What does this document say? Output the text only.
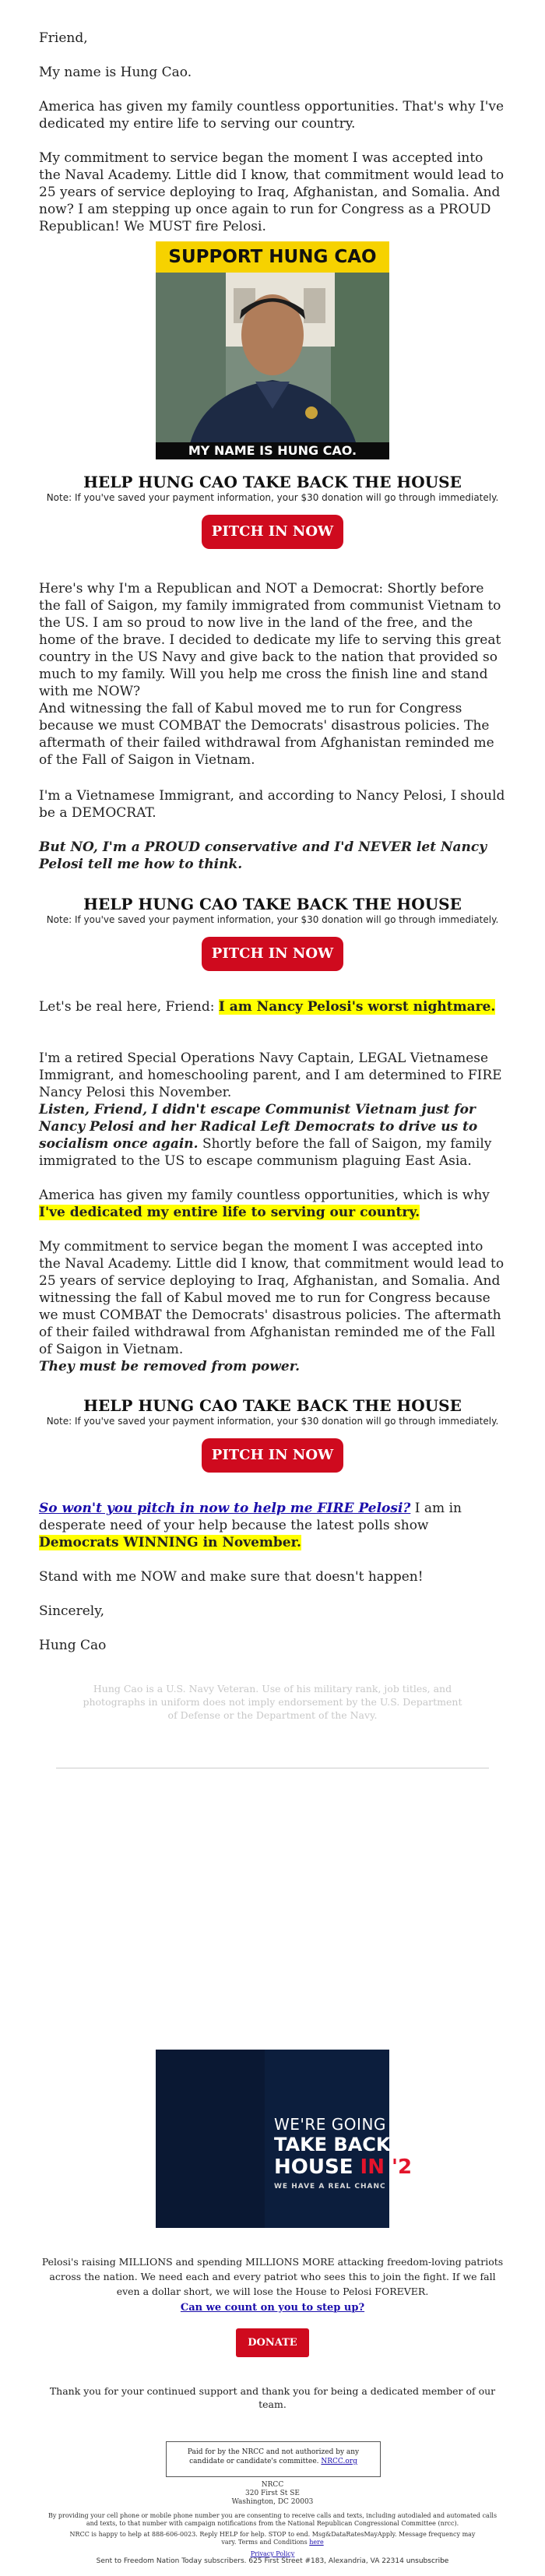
Friend,

My name is Hung Cao.

America has given my family countless opportunities. That's why I've dedicated my entire life to serving our country.

My commitment to service began the moment I was accepted into the Naval Academy. Little did I know, that commitment would lead to 25 years of service deploying to Iraq, Afghanistan, and Somalia. And now? I am stepping up once again to run for Congress as a PROUD Republican! We MUST fire Pelosi.

SUPPORT HUNG CAO
MY NAME IS HUNG CAO.
HELP HUNG CAO TAKE BACK THE HOUSE
Note: If you've saved your payment information, your $30 donation will go through immediately.
PITCH IN NOW

Here's why I'm a Republican and NOT a Democrat: Shortly before the fall of Saigon, my family immigrated from communist Vietnam to the US. I am so proud to now live in the land of the free, and the home of the brave. I decided to dedicate my life to serving this great country in the US Navy and give back to the nation that provided so much to my family. Will you help me cross the finish line and stand with me NOW?

And witnessing the fall of Kabul moved me to run for Congress because we must COMBAT the Democrats' disastrous policies. The aftermath of their failed withdrawal from Afghanistan reminded me of the Fall of Saigon in Vietnam.

I'm a Vietnamese Immigrant, and according to Nancy Pelosi, I should be a DEMOCRAT.

But NO, I'm a PROUD conservative and I'd NEVER let Nancy Pelosi tell me how to think.

HELP HUNG CAO TAKE BACK THE HOUSE
Note: If you've saved your payment information, your $30 donation will go through immediately.
PITCH IN NOW

Let's be real here, Friend: I am Nancy Pelosi's worst nightmare.

I'm a retired Special Operations Navy Captain, LEGAL Vietnamese Immigrant, and homeschooling parent, and I am determined to FIRE Nancy Pelosi this November.

Listen, Friend, I didn't escape Communist Vietnam just for Nancy Pelosi and her Radical Left Democrats to drive us to socialism once again. Shortly before the fall of Saigon, my family immigrated to the US to escape communism plaguing East Asia.

America has given my family countless opportunities, which is why I've dedicated my entire life to serving our country.

My commitment to service began the moment I was accepted into the Naval Academy. Little did I know, that commitment would lead to 25 years of service deploying to Iraq, Afghanistan, and Somalia. And witnessing the fall of Kabul moved me to run for Congress because we must COMBAT the Democrats' disastrous policies. The aftermath of their failed withdrawal from Afghanistan reminded me of the Fall of Saigon in Vietnam.

They must be removed from power.

HELP HUNG CAO TAKE BACK THE HOUSE
Note: If you've saved your payment information, your $30 donation will go through immediately.
PITCH IN NOW

So won't you pitch in now to help me FIRE Pelosi? I am in desperate need of your help because the latest polls show Democrats WINNING in November.

Stand with me NOW and make sure that doesn't happen!

Sincerely,

Hung Cao

Hung Cao is a U.S. Navy Veteran. Use of his military rank, job titles, and photographs in uniform does not imply endorsement by the U.S. Department of Defense or the Department of the Navy.
WE'RE GOING T
TAKE BACK TH
HOUSE IN '2
WE HAVE A REAL CHANC
Pelosi's raising MILLIONS and spending MILLIONS MORE attacking freedom-loving patriots across the nation. We need each and every patriot who sees this to join the fight. If we fall even a dollar short, we will lose the House to Pelosi FOREVER.
Can we count on you to step up?
DONATE
Thank you for your continued support and thank you for being a dedicated member of our team.
Paid for by the NRCC and not authorized by any candidate or candidate's committee. NRCC.org
NRCC
320 First St SE
Washington, DC 20003
By providing your cell phone or mobile phone number you are consenting to receive calls and texts, including autodialed and automated calls and texts, to that number with campaign notifications from the National Republican Congressional Committee (nrcc).
NRCC is happy to help at 888-606-0023. Reply HELP for help. STOP to end. Msg&DataRatesMayApply. Message frequency may vary. Terms and Conditions here
Privacy Policy
Sent to Freedom Nation Today subscribers. 625 First Street #183, Alexandria, VA 22314 unsubscribe
